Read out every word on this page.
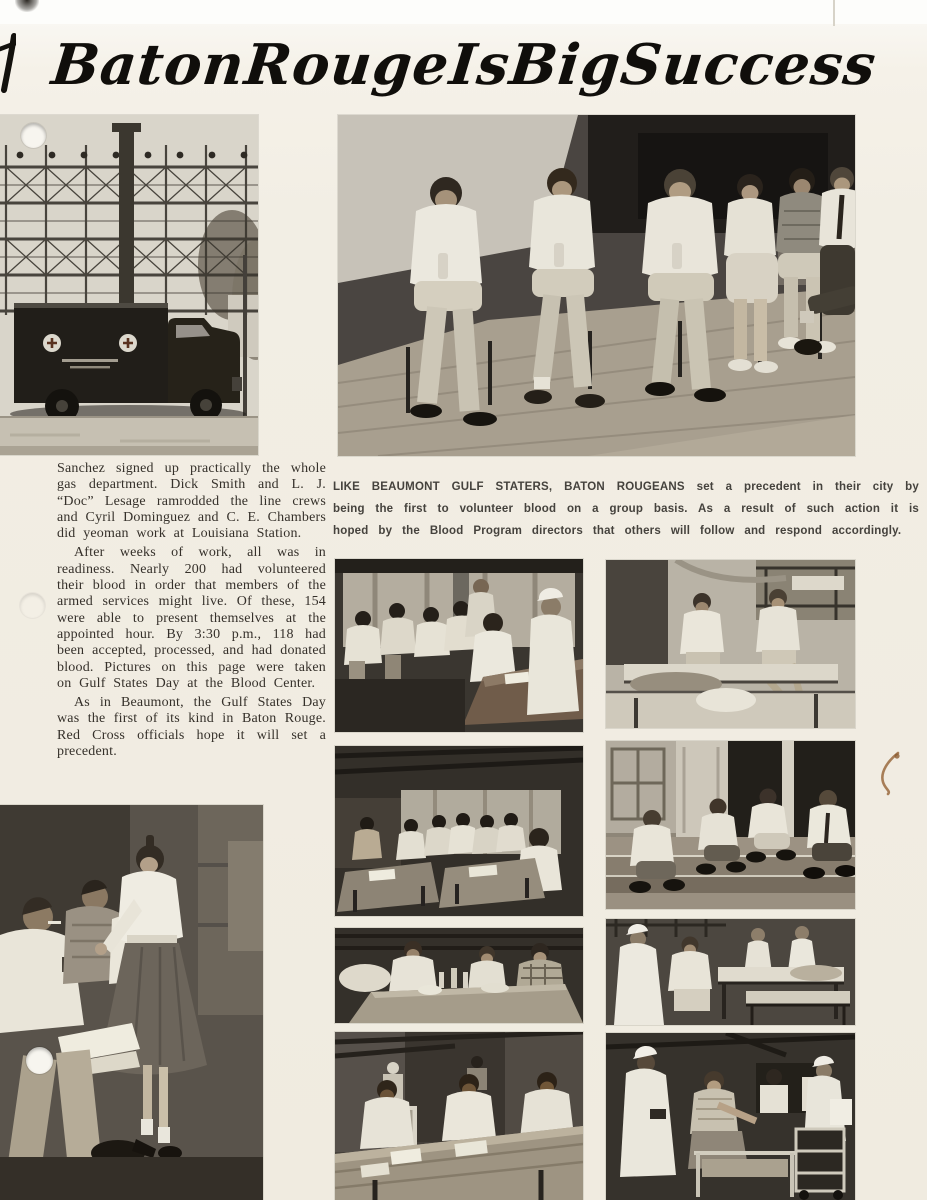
Baton
Rouge
Is
Big
Success

LIKE BEAUMONT GULF STATERS, BATON ROUGEANS set a precedent in their city by being the first to volunteer blood on a group basis. As a result of such action it is hoped by the Blood Program directors that others will follow and respond accordingly.

Sanchez signed up practically the whole gas department. Dick Smith and L. J. “Doc” Lesage ramrodded the line crews and Cyril Dominguez and C. E. Chambers did yeoman work at Louisiana Station.

After weeks of work, all was in readiness. Nearly 200 had volunteered their blood in order that members of the armed services might live. Of these, 154 were able to present themselves at the appointed hour. By 3:30 p.m., 118 had been accepted, processed, and had donated blood. Pictures on this page were taken on Gulf States Day at the Blood Center.

As in Beaumont, the Gulf States Day was the first of its kind in Baton Rouge. Red Cross officials hope it will set a precedent.
